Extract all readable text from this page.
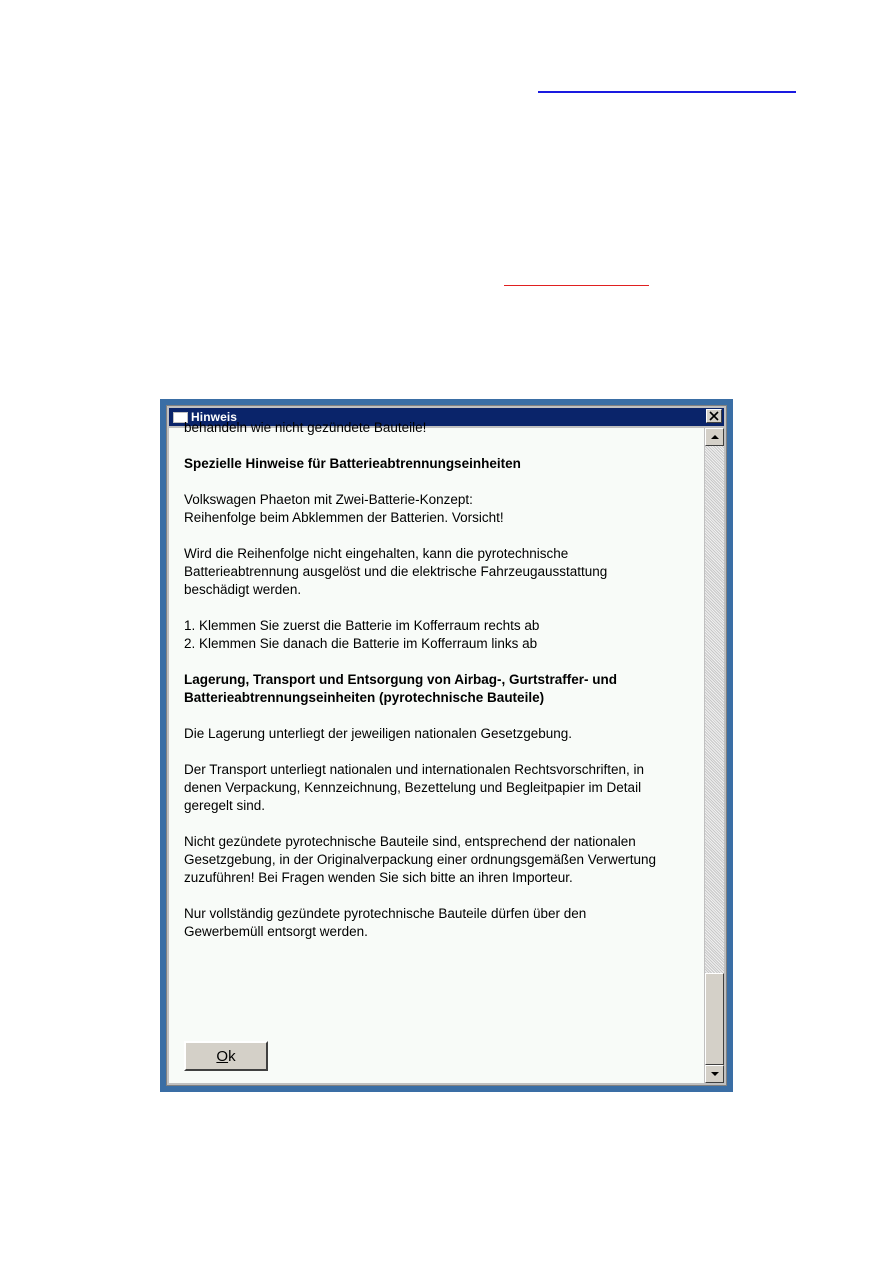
Hinweis

behandeln wie nicht gezündete Bauteile!

Spezielle Hinweise für Batterieabtrennungseinheiten

Volkswagen Phaeton mit Zwei-Batterie-Konzept:
Reihenfolge beim Abklemmen der Batterien. Vorsicht!

Wird die Reihenfolge nicht eingehalten, kann die pyrotechnische
Batterieabtrennung ausgelöst und die elektrische Fahrzeugausstattung
beschädigt werden.

1. Klemmen Sie zuerst die Batterie im Kofferraum rechts ab
2. Klemmen Sie danach die Batterie im Kofferraum links ab

Lagerung, Transport und Entsorgung von Airbag-, Gurtstraffer- und
Batterieabtrennungseinheiten (pyrotechnische Bauteile)

Die Lagerung unterliegt der jeweiligen nationalen Gesetzgebung.

Der Transport unterliegt nationalen und internationalen Rechtsvorschriften, in
denen Verpackung, Kennzeichnung, Bezettelung und Begleitpapier im Detail
geregelt sind.

Nicht gezündete pyrotechnische Bauteile sind, entsprechend der nationalen
Gesetzgebung, in der Originalverpackung einer ordnungsgemäßen Verwertung
zuzuführen! Bei Fragen wenden Sie sich bitte an ihren Importeur.

Nur vollständig gezündete pyrotechnische Bauteile dürfen über den
Gewerbemüll entsorgt werden.

Ok
